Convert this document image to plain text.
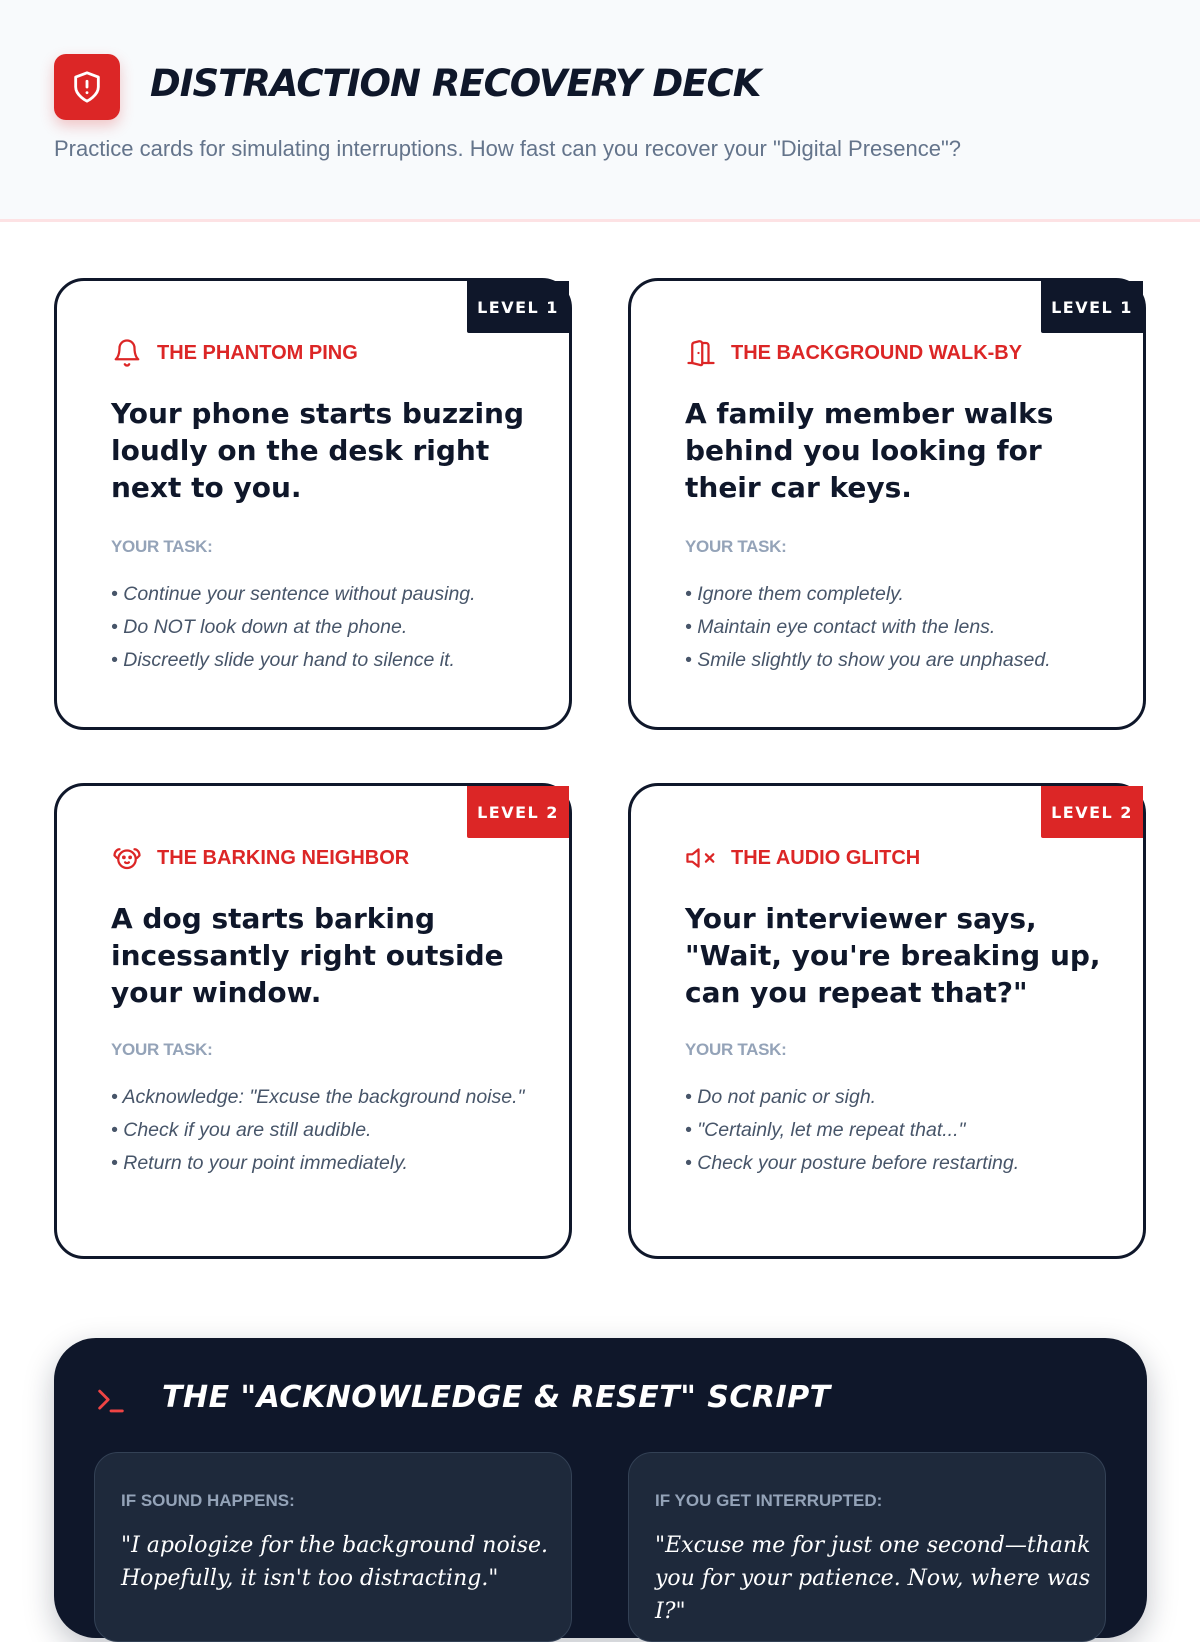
DISTRACTION RECOVERY DECK

Practice cards for simulating interruptions. How fast can you recover your "Digital Presence"?

LEVEL 1
THE PHANTOM PING
Your phone starts buzzing loudly on the desk right next to you.
YOUR TASK:
• Continue your sentence without pausing.
• Do NOT look down at the phone.
• Discreetly slide your hand to silence it.
LEVEL 1
THE BACKGROUND WALK-BY
A family member walks behind you looking for their car keys.
YOUR TASK:
• Ignore them completely.
• Maintain eye contact with the lens.
• Smile slightly to show you are unphased.
LEVEL 2
THE BARKING NEIGHBOR
A dog starts barking incessantly right outside your window.
YOUR TASK:
• Acknowledge: "Excuse the background noise."
• Check if you are still audible.
• Return to your point immediately.
LEVEL 2
THE AUDIO GLITCH
Your interviewer says, "Wait, you're breaking up, can you repeat that?"
YOUR TASK:
• Do not panic or sigh.
• "Certainly, let me repeat that..."
• Check your posture before restarting.
THE "ACKNOWLEDGE & RESET" SCRIPT
IF SOUND HAPPENS:
"I apologize for the background noise. Hopefully, it isn't too distracting."
IF YOU GET INTERRUPTED:
"Excuse me for just one second—thank you for your patience. Now, where was I?"
